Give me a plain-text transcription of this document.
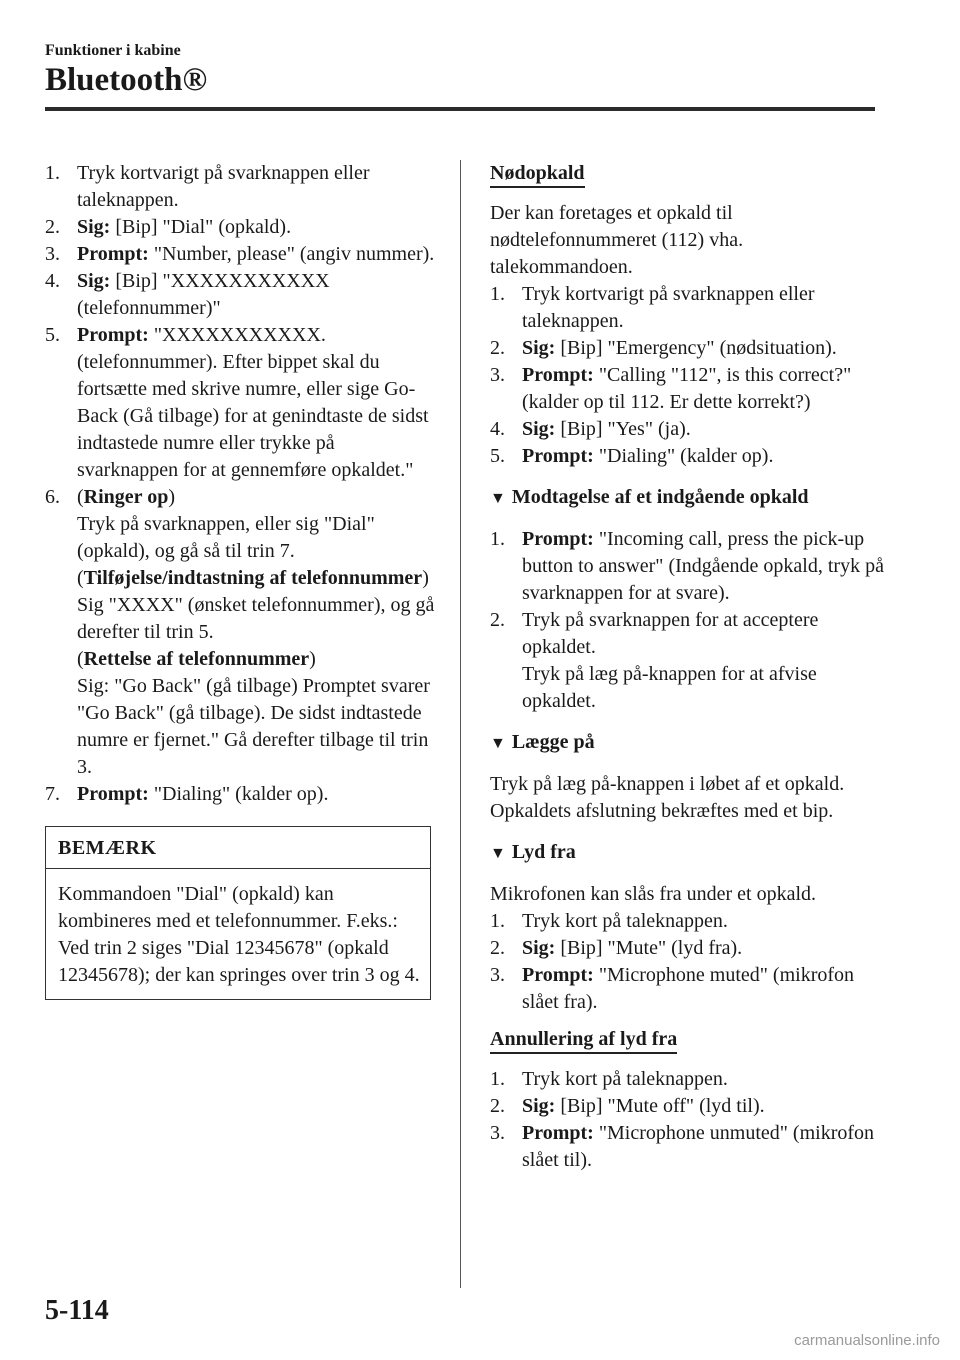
Funktioner i kabine
Bluetooth®
1. Tryk kortvarigt på svarknappen eller taleknappen.
2. Sig: [Bip] "Dial" (opkald).
3. Prompt: "Number, please" (angiv nummer).
4. Sig: [Bip] "XXXXXXXXXXX (telefonnummer)"
5. Prompt: "XXXXXXXXXXX. (telefonnummer). Efter bippet skal du fortsætte med skrive numre, eller sige Go-Back (Gå tilbage) for at genindtaste de sidst indtastede numre eller trykke på svarknappen for at gennemføre opkaldet."
6. (Ringer op)
Tryk på svarknappen, eller sig "Dial" (opkald), og gå så til trin 7.
(Tilføjelse/indtastning af telefonnummer)
Sig "XXXX" (ønsket telefonnummer), og gå derefter til trin 5.
(Rettelse af telefonnummer)
Sig: "Go Back" (gå tilbage) Promptet svarer "Go Back" (gå tilbage). De sidst indtastede numre er fjernet." Gå derefter tilbage til trin 3.
7. Prompt: "Dialing" (kalder op).
BEMÆRK
Kommandoen "Dial" (opkald) kan kombineres med et telefonnummer. F.eks.: Ved trin 2 siges "Dial 12345678" (opkald 12345678); der kan springes over trin 3 og 4.
Nødopkald

Der kan foretages et opkald til nødtelefonnummeret (112) vha. talekommandoen.

1. Tryk kortvarigt på svarknappen eller taleknappen.
2. Sig: [Bip] "Emergency" (nødsituation).
3. Prompt: "Calling "112", is this correct?" (kalder op til 112. Er dette korrekt?)
4. Sig: [Bip] "Yes" (ja).
5. Prompt: "Dialing" (kalder op).
▼ Modtagelse af et indgående opkald
1. Prompt: "Incoming call, press the pick-up button to answer" (Indgående opkald, tryk på svarknappen for at svare).
2. Tryk på svarknappen for at acceptere opkaldet.
Tryk på læg på-knappen for at afvise opkaldet.
▼ Lægge på

Tryk på læg på-knappen i løbet af et opkald. Opkaldets afslutning bekræftes med et bip.

▼ Lyd fra

Mikrofonen kan slås fra under et opkald.

1. Tryk kort på taleknappen.
2. Sig: [Bip] "Mute" (lyd fra).
3. Prompt: "Microphone muted" (mikrofon slået fra).
Annullering af lyd fra
1. Tryk kort på taleknappen.
2. Sig: [Bip] "Mute off" (lyd til).
3. Prompt: "Microphone unmuted" (mikrofon slået til).
5-114
carmanualsonline.info
